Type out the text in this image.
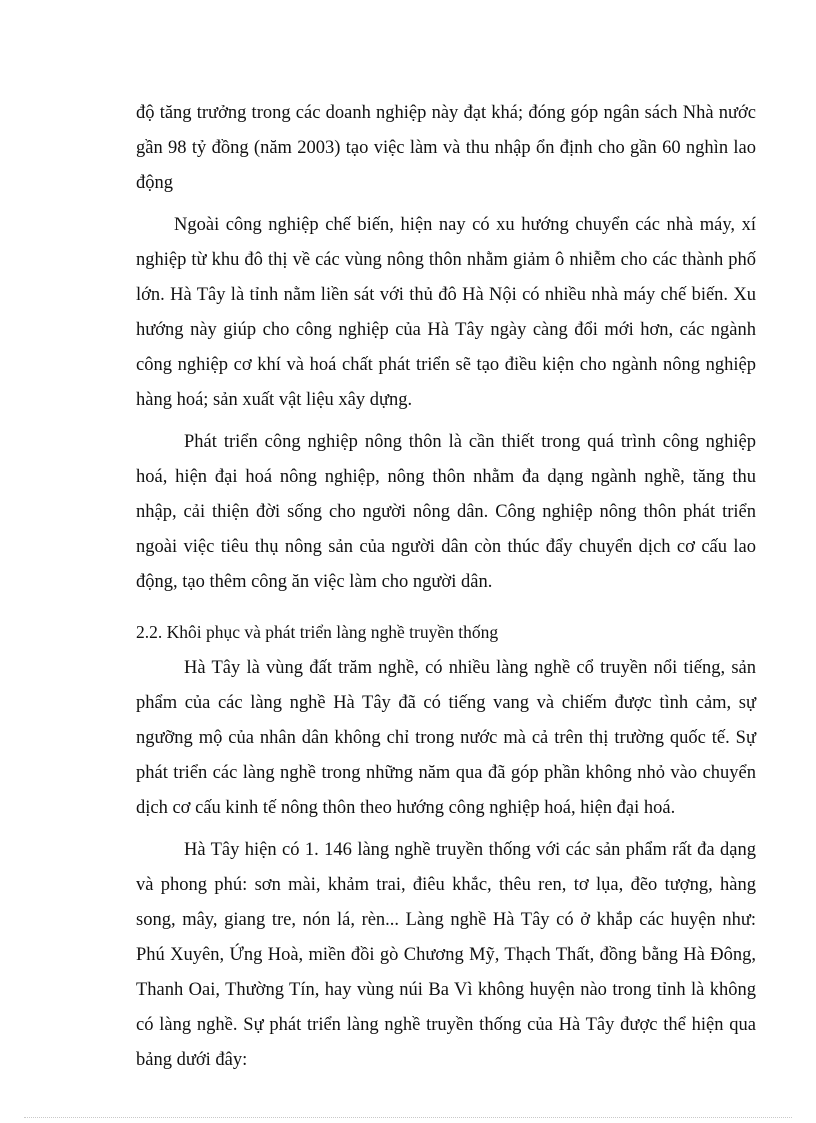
độ tăng trưởng trong các doanh nghiệp này đạt khá; đóng góp ngân sách Nhà nước gần 98 tỷ đồng (năm 2003) tạo việc làm và thu nhập ổn định cho gần 60 nghìn lao động

Ngoài công nghiệp chế biến, hiện nay có xu hướng chuyển các nhà máy, xí nghiệp từ khu đô thị về các vùng nông thôn nhằm giảm ô nhiễm cho các thành phố lớn. Hà Tây là tỉnh nằm liền sát với thủ đô Hà Nội có nhiều nhà máy chế biến. Xu hướng này giúp cho công nghiệp của Hà Tây ngày càng đổi mới hơn, các ngành công nghiệp cơ khí và hoá chất phát triển sẽ tạo điều kiện cho ngành nông nghiệp hàng hoá; sản xuất vật liệu xây dựng.

Phát triển công nghiệp nông thôn là cần thiết trong quá trình công nghiệp hoá, hiện đại hoá nông nghiệp, nông thôn nhằm đa dạng ngành nghề, tăng thu nhập, cải thiện đời sống cho người nông dân. Công nghiệp nông thôn phát triển ngoài việc tiêu thụ nông sản của người dân còn thúc đẩy chuyển dịch cơ cấu lao động, tạo thêm công ăn việc làm cho người dân.

2.2. Khôi phục và phát triển làng nghề truyền thống

Hà Tây là vùng đất trăm nghề, có nhiều làng nghề cổ truyền nổi tiếng, sản phẩm của các làng nghề Hà Tây đã có tiếng vang và chiếm được tình cảm, sự ngưỡng mộ của nhân dân không chỉ trong nước mà cả trên thị trường quốc tế. Sự phát triển các làng nghề trong những năm qua đã góp phần không nhỏ vào chuyển dịch cơ cấu kinh tế nông thôn theo hướng công nghiệp hoá, hiện đại hoá.

Hà Tây hiện có 1. 146 làng nghề truyền thống với các sản phẩm rất đa dạng và phong phú: sơn mài, khảm trai, điêu khắc, thêu ren, tơ lụa, đẽo tượng, hàng song, mây, giang tre, nón lá, rèn... Làng nghề Hà Tây có ở khắp các huyện như: Phú Xuyên, Ứng Hoà, miền đồi gò Chương Mỹ, Thạch Thất, đồng bằng Hà Đông, Thanh Oai, Thường Tín, hay vùng núi Ba Vì không huyện nào trong tỉnh là không có làng nghề. Sự phát triển làng nghề truyền thống của Hà Tây được thể hiện qua bảng dưới đây:
